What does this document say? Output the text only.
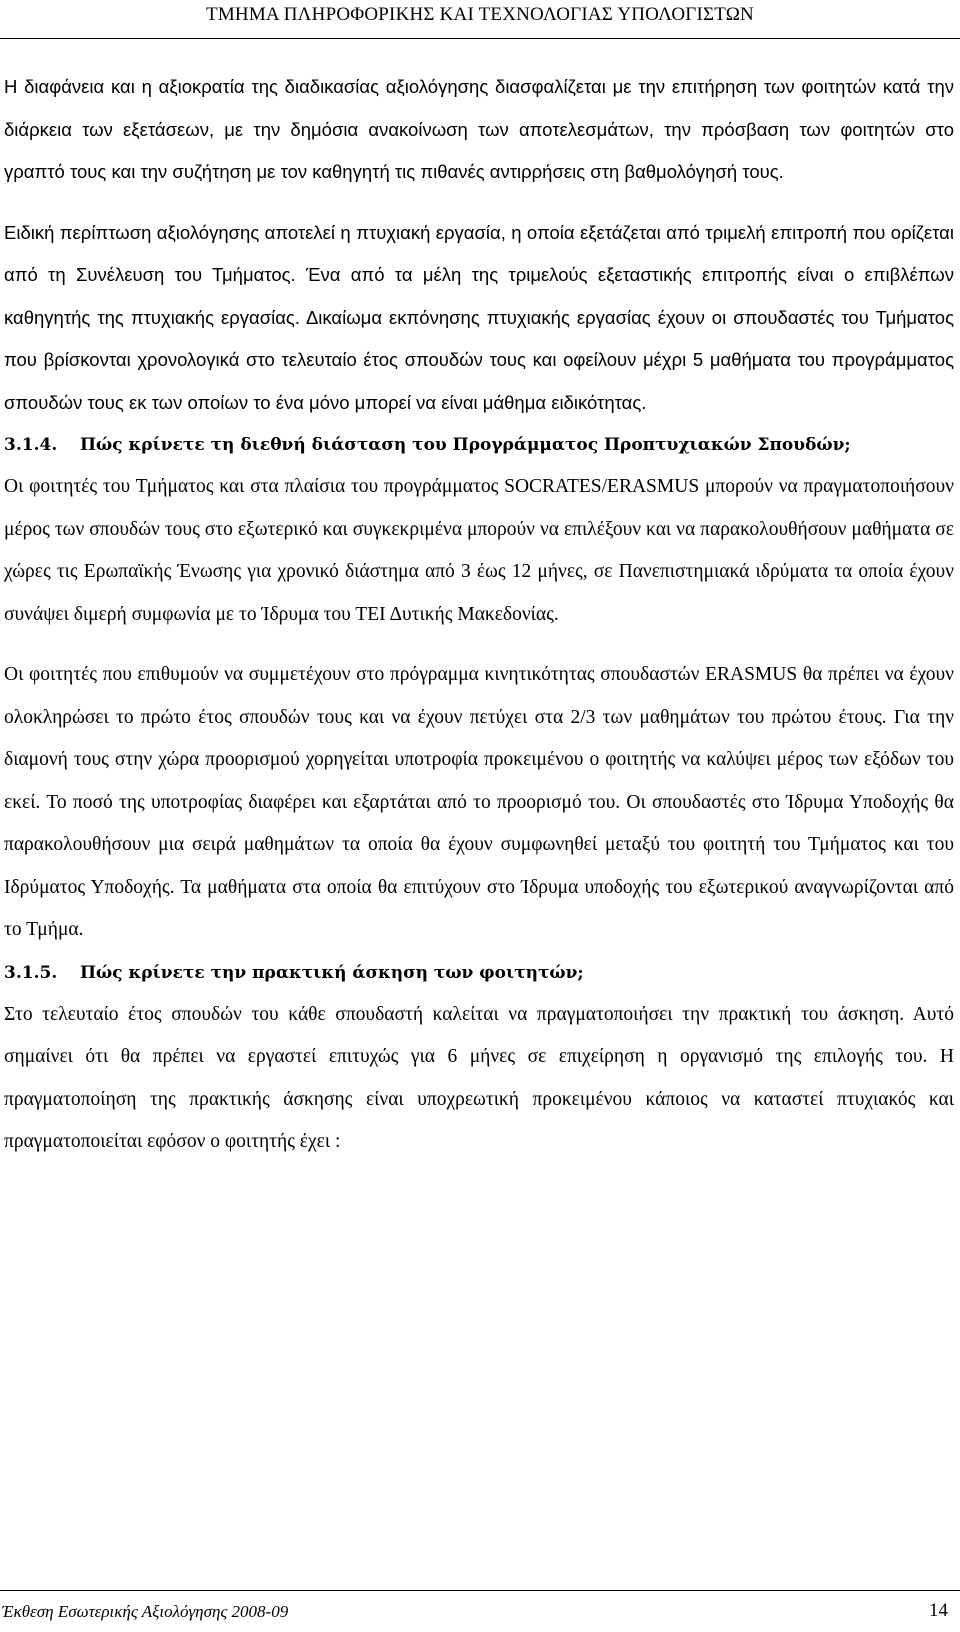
ΤΜΗΜΑ ΠΛΗΡΟΦΟΡΙΚΗΣ ΚΑΙ ΤΕΧΝΟΛΟΓΙΑΣ ΥΠΟΛΟΓΙΣΤΩΝ

Η διαφάνεια και η αξιοκρατία της διαδικασίας αξιολόγησης διασφαλίζεται με την επιτήρηση των φοιτητών κατά την διάρκεια των εξετάσεων, με την δημόσια ανακοίνωση των αποτελεσμάτων, την πρόσβαση των φοιτητών στο γραπτό τους και την συζήτηση με τον καθηγητή τις πιθανές αντιρρήσεις στη βαθμολόγησή τους.

Ειδική περίπτωση αξιολόγησης αποτελεί η πτυχιακή εργασία, η οποία εξετάζεται από τριμελή επιτροπή που ορίζεται από τη Συνέλευση του Τμήματος. Ένα από τα μέλη της τριμελούς εξεταστικής επιτροπής είναι ο επιβλέπων καθηγητής της πτυχιακής εργασίας. Δικαίωμα εκπόνησης πτυχιακής εργασίας έχουν οι σπουδαστές του Τμήματος που βρίσκονται χρονολογικά στο τελευταίο έτος σπουδών τους και οφείλουν μέχρι 5 μαθήματα του προγράμματος σπουδών τους εκ των οποίων το ένα μόνο μπορεί να είναι μάθημα ειδικότητας.

3.1.4.	Πώς κρίνετε τη διεθνή διάσταση του Προγράμματος Προπτυχιακών Σπουδών;

Οι φοιτητές του Τμήματος και στα πλαίσια του προγράμματος SOCRATES/ERASMUS μπορούν να πραγματοποιήσουν μέρος των σπουδών τους στο εξωτερικό και συγκεκριμένα μπορούν να επιλέξουν και να παρακολουθήσουν μαθήματα σε χώρες τις Ερωπαϊκής Ένωσης για χρονικό διάστημα από 3 έως 12 μήνες, σε Πανεπιστημιακά ιδρύματα τα οποία έχουν συνάψει διμερή συμφωνία με το Ίδρυμα του ΤΕΙ Δυτικής Μακεδονίας.

Οι φοιτητές που επιθυμούν να συμμετέχουν στο πρόγραμμα κινητικότητας σπουδαστών ERASMUS θα πρέπει να έχουν ολοκληρώσει το πρώτο έτος σπουδών τους και να έχουν πετύχει στα 2/3 των μαθημάτων του πρώτου έτους. Για την διαμονή τους στην χώρα προορισμού χορηγείται υποτροφία προκειμένου ο φοιτητής να καλύψει μέρος των εξόδων του εκεί. Το ποσό της υποτροφίας διαφέρει και εξαρτάται από το προορισμό του. Οι σπουδαστές στο Ίδρυμα Υποδοχής θα παρακολουθήσουν μια σειρά μαθημάτων τα οποία θα έχουν συμφωνηθεί μεταξύ του φοιτητή του Τμήματος και του Ιδρύματος Υποδοχής. Τα μαθήματα στα οποία θα επιτύχουν στο Ίδρυμα υποδοχής του εξωτερικού αναγνωρίζονται από το Τμήμα.

3.1.5.	Πώς κρίνετε την πρακτική άσκηση των φοιτητών;

Στο τελευταίο έτος σπουδών του κάθε σπουδαστή καλείται να πραγματοποιήσει την πρακτική του άσκηση. Αυτό σημαίνει ότι θα πρέπει να εργαστεί επιτυχώς για 6 μήνες σε επιχείρηση η οργανισμό της επιλογής του. Η πραγματοποίηση της πρακτικής άσκησης είναι υποχρεωτική προκειμένου κάποιος να καταστεί πτυχιακός και πραγματοποιείται εφόσον ο φοιτητής έχει :

Έκθεση Εσωτερικής Αξιολόγησης 2008-09	14
